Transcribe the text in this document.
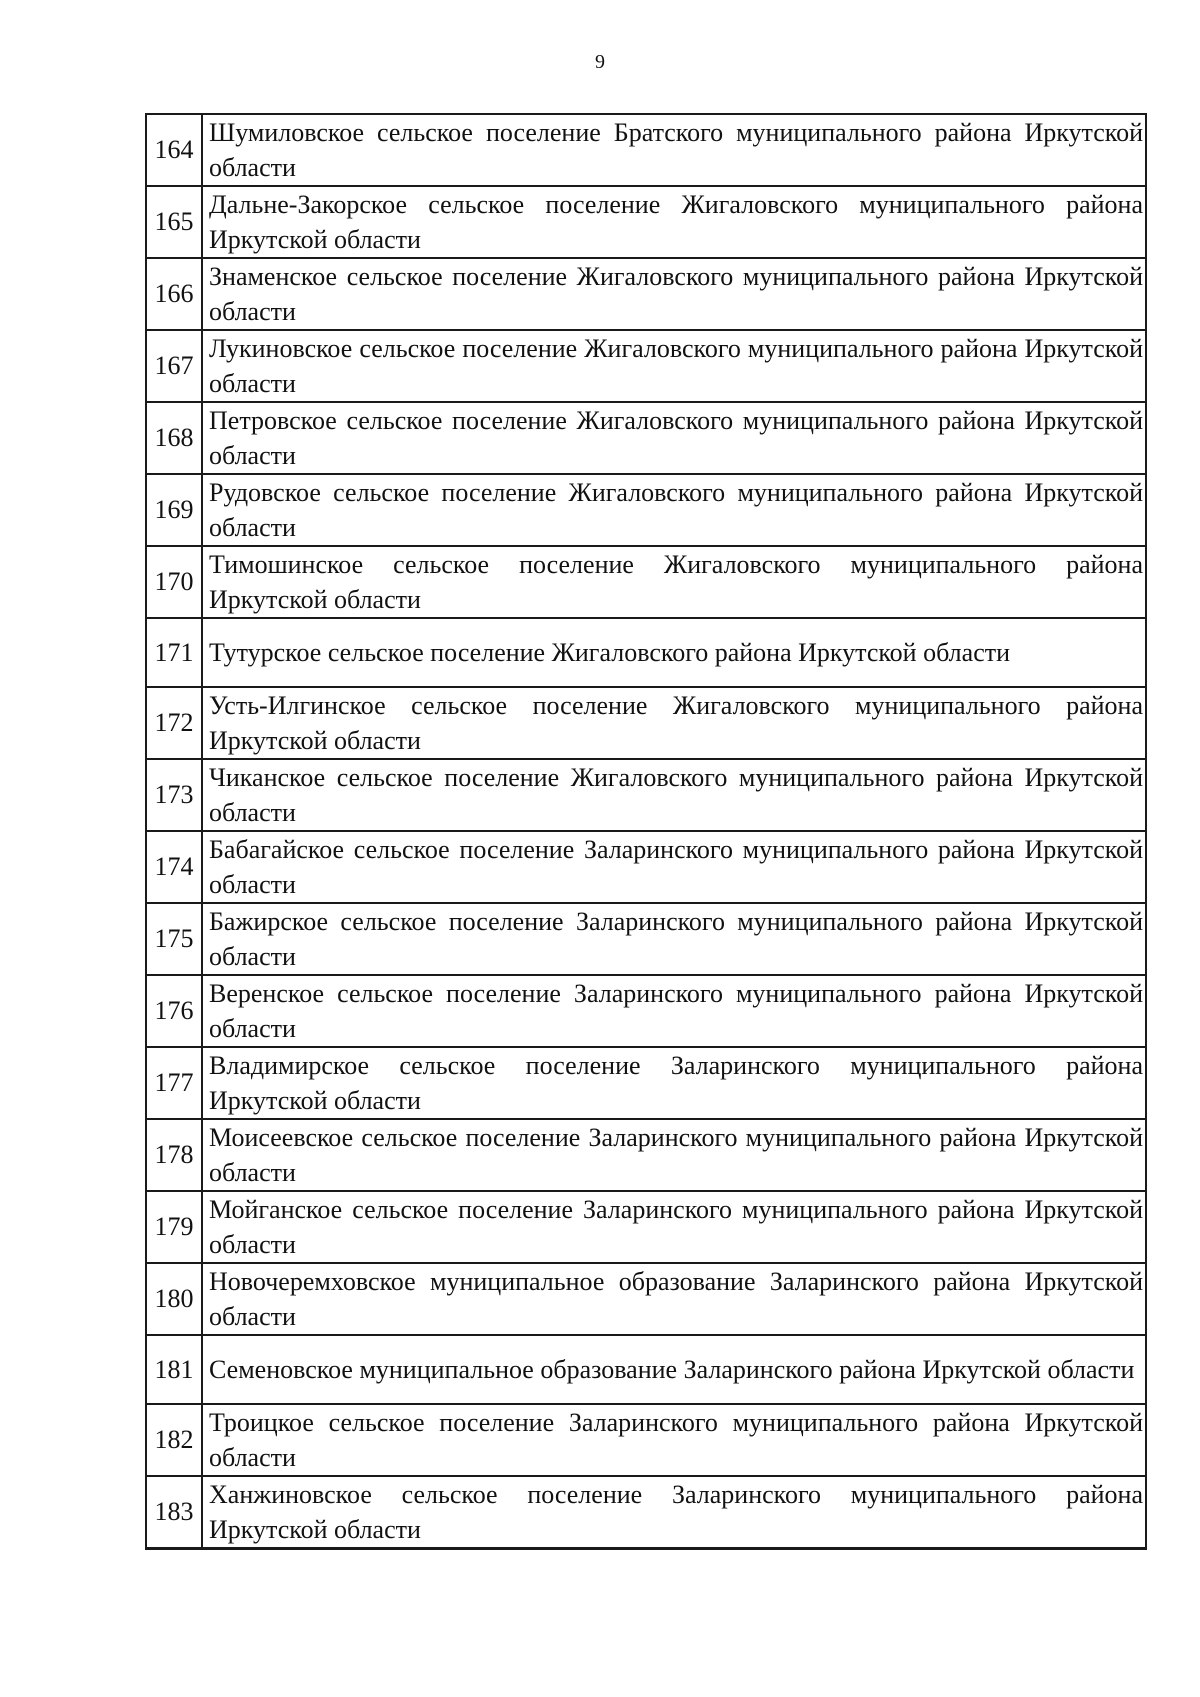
9
164	Шумиловское сельское поселение Братского муниципального района Иркутской области
165	Дальне-Закорское сельское поселение Жигаловского муниципального района Иркутской области
166	Знаменское сельское поселение Жигаловского муниципального района Иркутской области
167	Лукиновское сельское поселение Жигаловского муниципального района Иркутской области
168	Петровское сельское поселение Жигаловского муниципального района Иркутской области
169	Рудовское сельское поселение Жигаловского муниципального района Иркутской области
170	Тимошинское сельское поселение Жигаловского муниципального района Иркутской области
171	Тутурское сельское поселение Жигаловского района Иркутской области
172	Усть-Илгинское сельское поселение Жигаловского муниципального района Иркутской области
173	Чиканское сельское поселение Жигаловского муниципального района Иркутской области
174	Бабагайское сельское поселение Заларинского муниципального района Иркутской области
175	Бажирское сельское поселение Заларинского муниципального района Иркутской области
176	Веренское сельское поселение Заларинского муниципального района Иркутской области
177	Владимирское сельское поселение Заларинского муниципального района Иркутской области
178	Моисеевское сельское поселение Заларинского муниципального района Иркутской области
179	Мойганское сельское поселение Заларинского муниципального района Иркутской области
180	Новочеремховское муниципальное образование Заларинского района Иркутской области
181	Семеновское муниципальное образование Заларинского района Иркутской области
182	Троицкое сельское поселение Заларинского муниципального района Иркутской области
183	Ханжиновское сельское поселение Заларинского муниципального района Иркутской области
